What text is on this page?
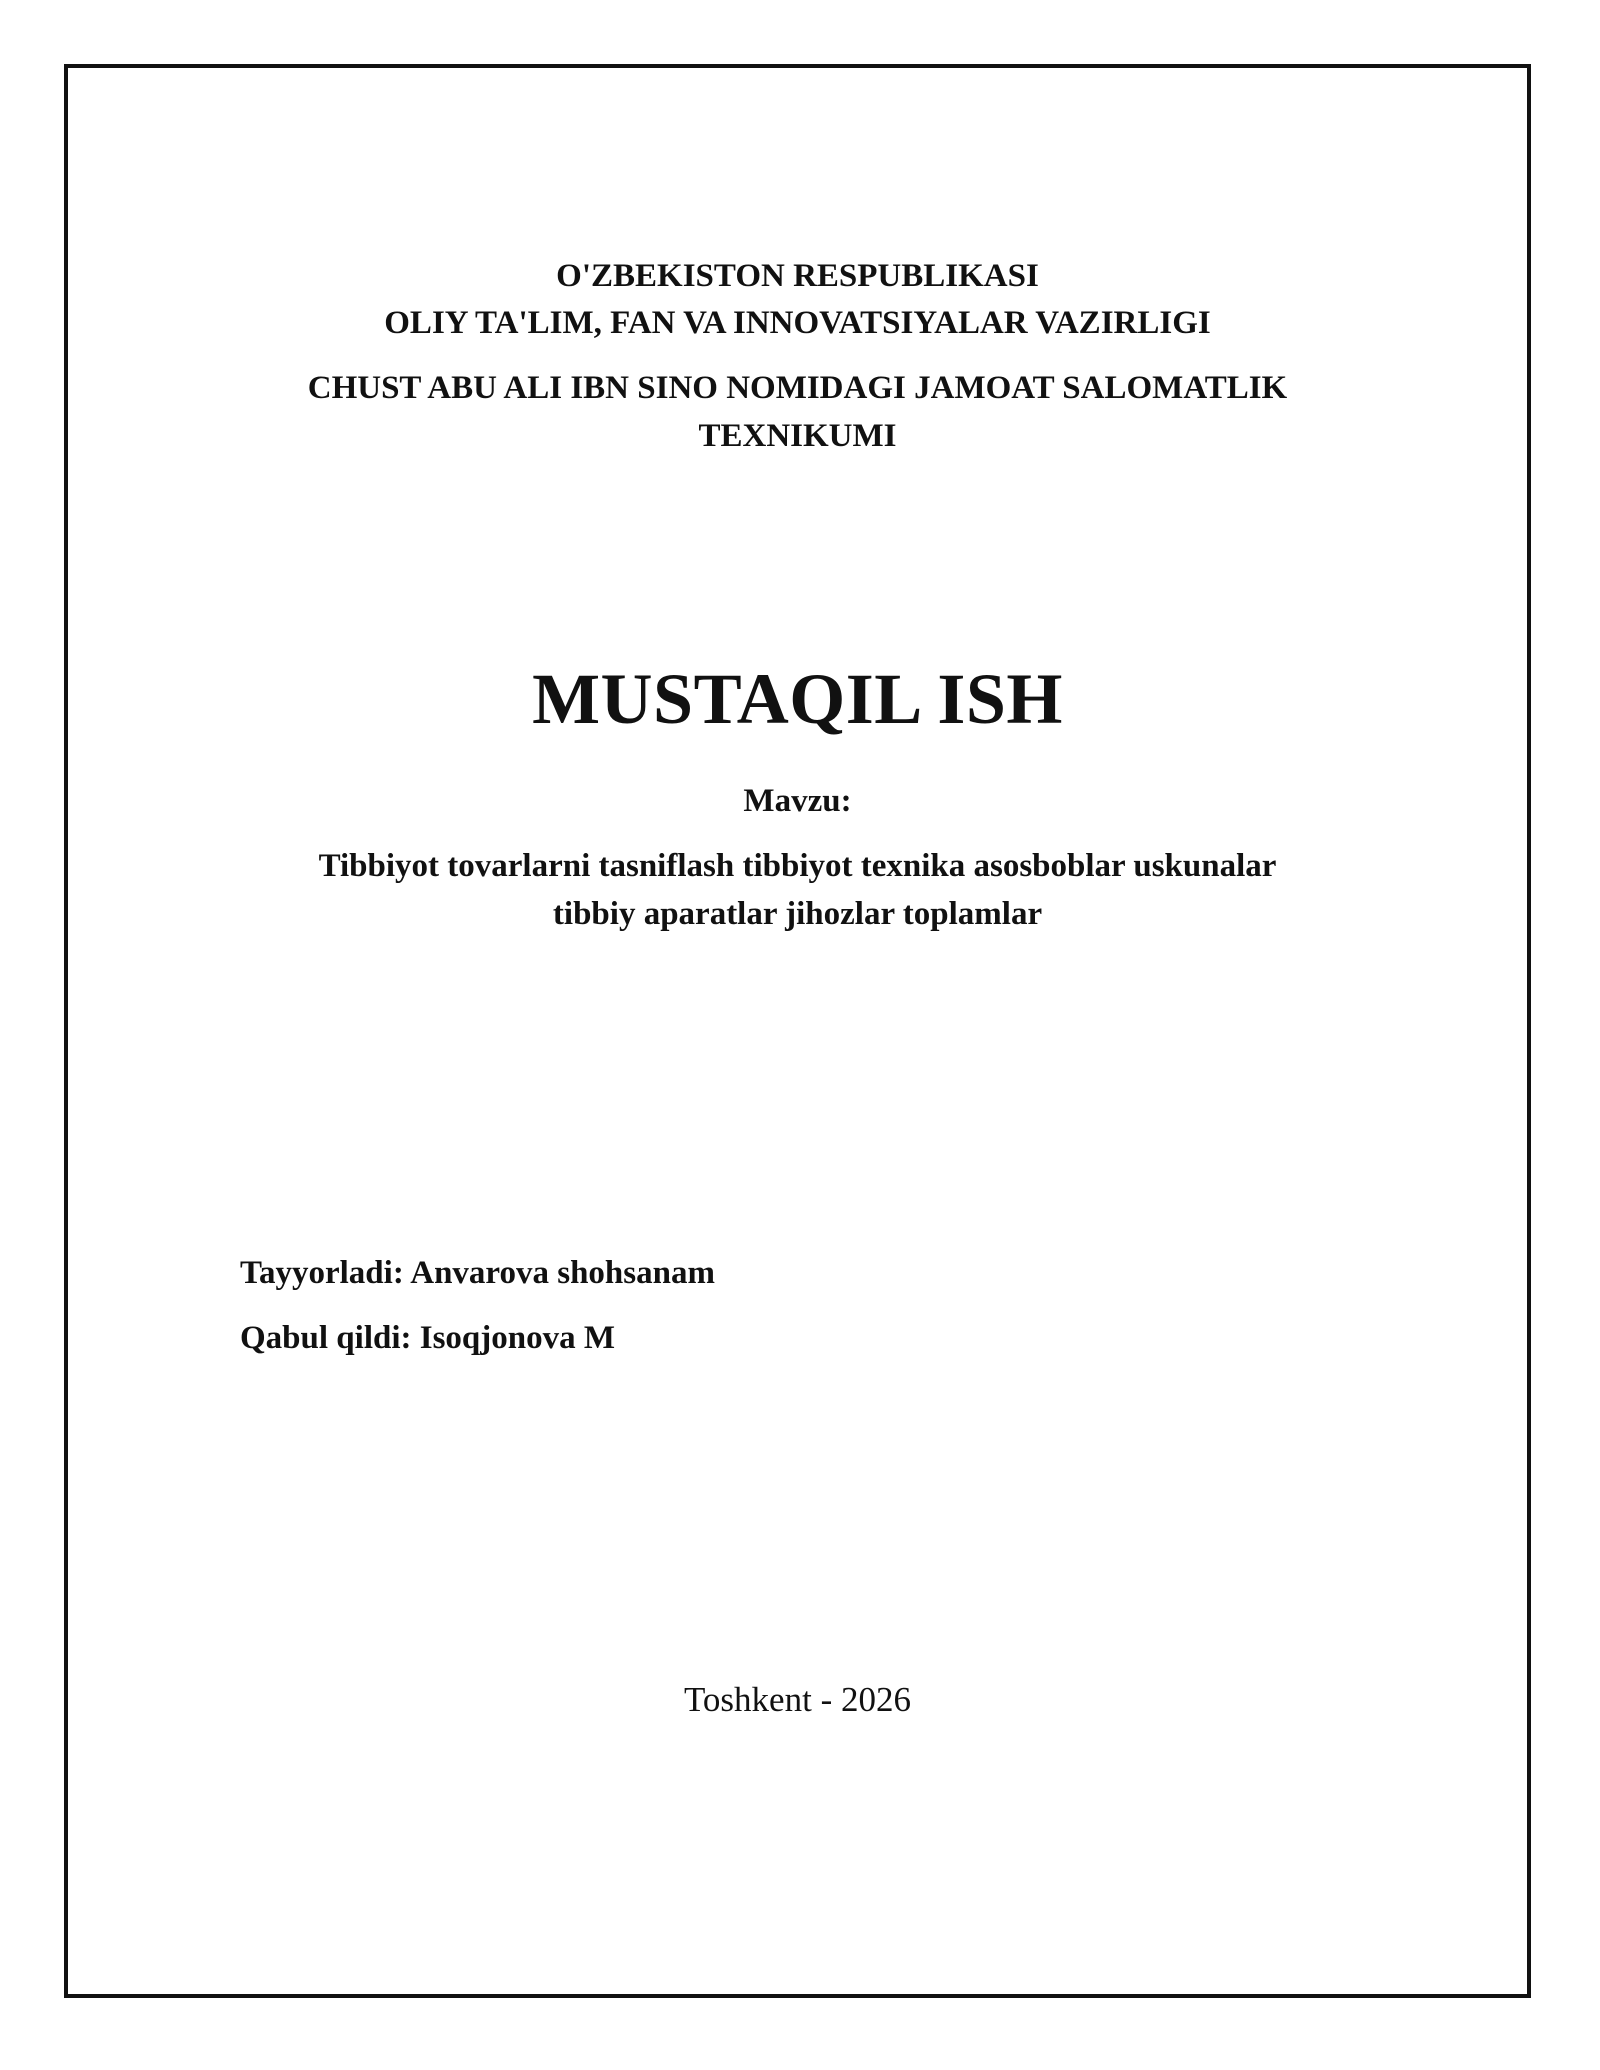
O'ZBEKISTON RESPUBLIKASI
OLIY TA'LIM, FAN VA INNOVATSIYALAR VAZIRLIGI
CHUST ABU ALI IBN SINO NOMIDAGI JAMOAT SALOMATLIK
TEXNIKUMI
MUSTAQIL ISH
Mavzu:
Tibbiyot tovarlarni tasniflash tibbiyot texnika asosboblar uskunalar
tibbiy aparatlar jihozlar toplamlar
Tayyorladi: Anvarova shohsanam
Qabul qildi: Isoqjonova M
Toshkent - 2026
